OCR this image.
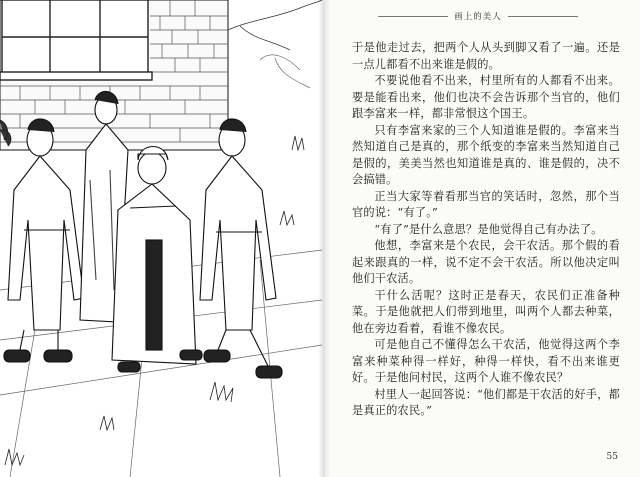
画上的美人

于是他走过去，把两个人从头到脚又看了一遍。还是一点儿都看不出来谁是假的。

不要说他看不出来，村里所有的人都看不出来。要是能看出来，他们也决不会告诉那个当官的，他们跟李富来一样，都非常恨这个国王。

只有李富来家的三个人知道谁是假的。李富来当然知道自己是真的，那个纸变的李富来当然知道自己是假的，美美当然也知道谁是真的、谁是假的，决不会搞错。

正当大家等着看那当官的笑话时，忽然，那个当官的说：“有了。”

“有了”是什么意思？是他觉得自己有办法了。

他想，李富来是个农民，会干农活。那个假的看起来跟真的一样，说不定不会干农活。所以他决定叫他们干农活。

干什么活呢？这时正是春天，农民们正准备种菜。于是他就把人们带到地里，叫两个人都去种菜，他在旁边看着，看谁不像农民。

可是他自己不懂得怎么干农活，他觉得这两个李富来种菜种得一样好，种得一样快，看不出来谁更好。于是他问村民，这两个人谁不像农民？

村里人一起回答说：“他们都是干农活的好手，都是真正的农民。”

55
